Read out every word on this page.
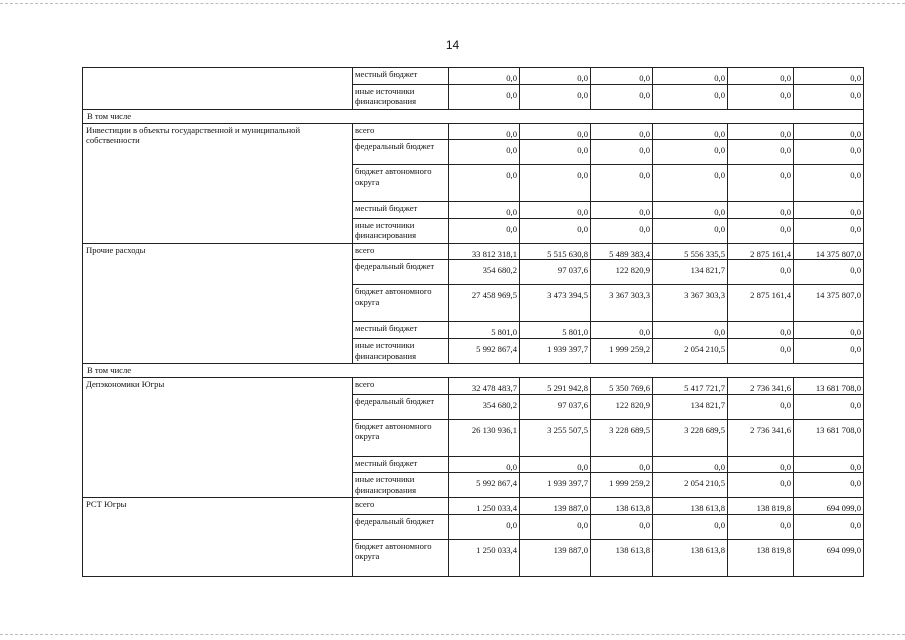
14
	местный бюджет	0,0	0,0	0,0	0,0	0,0	0,0
	иные источники финансирования	0,0	0,0	0,0	0,0	0,0	0,0
В том числе							
Инвестиции в объекты государственной и муниципальной собственности	всего	0,0	0,0	0,0	0,0	0,0	0,0
	федеральный бюджет	0,0	0,0	0,0	0,0	0,0	0,0
	бюджет автономного округа	0,0	0,0	0,0	0,0	0,0	0,0
	местный бюджет	0,0	0,0	0,0	0,0	0,0	0,0
	иные источники финансирования	0,0	0,0	0,0	0,0	0,0	0,0
Прочие расходы	всего	33 812 318,1	5 515 630,8	5 489 383,4	5 556 335,5	2 875 161,4	14 375 807,0
	федеральный бюджет	354 680,2	97 037,6	122 820,9	134 821,7	0,0	0,0
	бюджет автономного округа	27 458 969,5	3 473 394,5	3 367 303,3	3 367 303,3	2 875 161,4	14 375 807,0
	местный бюджет	5 801,0	5 801,0	0,0	0,0	0,0	0,0
	иные источники финансирования	5 992 867,4	1 939 397,7	1 999 259,2	2 054 210,5	0,0	0,0
В том числе							
Депэкономики Югры	всего	32 478 483,7	5 291 942,8	5 350 769,6	5 417 721,7	2 736 341,6	13 681 708,0
	федеральный бюджет	354 680,2	97 037,6	122 820,9	134 821,7	0,0	0,0
	бюджет автономного округа	26 130 936,1	3 255 507,5	3 228 689,5	3 228 689,5	2 736 341,6	13 681 708,0
	местный бюджет	0,0	0,0	0,0	0,0	0,0	0,0
	иные источники финансирования	5 992 867,4	1 939 397,7	1 999 259,2	2 054 210,5	0,0	0,0
РСТ Югры	всего	1 250 033,4	139 887,0	138 613,8	138 613,8	138 819,8	694 099,0
	федеральный бюджет	0,0	0,0	0,0	0,0	0,0	0,0
	бюджет автономного округа	1 250 033,4	139 887,0	138 613,8	138 613,8	138 819,8	694 099,0
